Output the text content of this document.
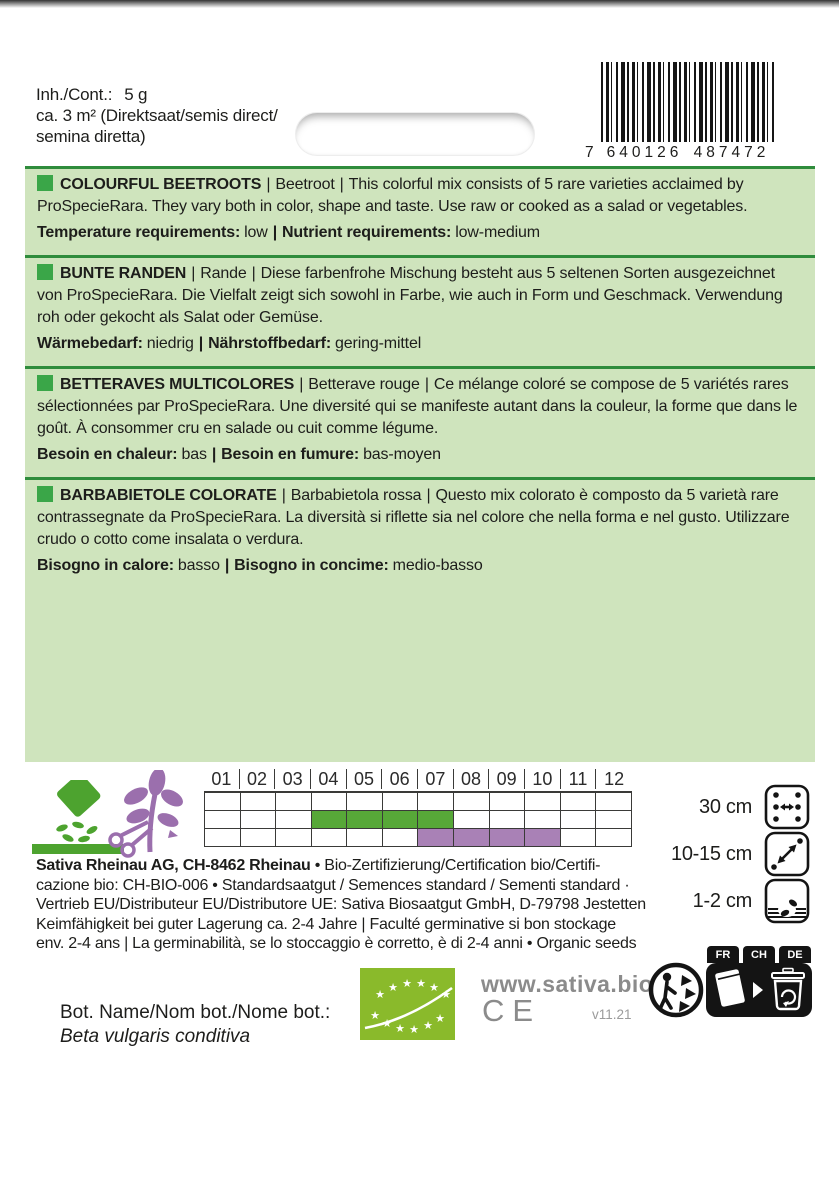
Inh./Cont.: 5 g
ca. 3 m² (Direktsaat/semis direct/
semina diretta)
7 640126 487472
COLOURFUL BEETROOTS | Beetroot | This colorful mix consists of 5 rare varieties acclaimed by ProSpecieRara. They vary both in color, shape and taste. Use raw or cooked as a salad or vegetables.
Temperature requirements: low | Nutrient requirements: low-medium
BUNTE RANDEN | Rande | Diese farbenfrohe Mischung besteht aus 5 seltenen Sorten ausgezeichnet von ProSpecieRara. Die Vielfalt zeigt sich sowohl in Farbe, wie auch in Form und Geschmack. Verwendung roh oder gekocht als Salat oder Gemüse.
Wärmebedarf: niedrig | Nährstoffbedarf: gering-mittel
BETTERAVES MULTICOLORES | Betterave rouge | Ce mélange coloré se compose de 5 variétés rares sélectionnées par ProSpecieRara. Une diversité qui se manifeste autant dans la couleur, la forme que dans le goût. À consommer cru en salade ou cuit comme légume.
Besoin en chaleur: bas | Besoin en fumure: bas-moyen
BARBABIETOLE COLORATE | Barbabietola rossa | Questo mix colorato è composto da 5 varietà rare contrassegnate da ProSpecieRara. La diversità si riflette sia nel colore che nella forma e nel gusto. Utilizzare crudo o cotto come insalata o verdura.
Bisogno in calore: basso | Bisogno in concime: medio-basso
01 02 03 04 05 06 07 08 09 10 11 12
30 cm
10-15 cm
1-2 cm
Sativa Rheinau AG, CH-8462 Rheinau • Bio-Zertifizierung/Certification bio/Certifi-
cazione bio: CH-BIO-006 • Standardsaatgut / Semences standard / Sementi standard ·
Vertrieb EU/Distributeur EU/Distributore UE: Sativa Biosaatgut GmbH, D-79798 Jestetten
Keimfähigkeit bei guter Lagerung ca. 2-4 Jahre | Faculté germinative si bon stockage
env. 2-4 ans | La germinabilità, se lo stoccaggio è corretto, è di 2-4 anni • Organic seeds
★
★ ★ ★ ★
★
★
★ ★ ★ ★
★
www.sativa.bio
CE	v11.21
FR	CH	DE
Bot. Name/Nom bot./Nome bot.:
Beta vulgaris conditiva
